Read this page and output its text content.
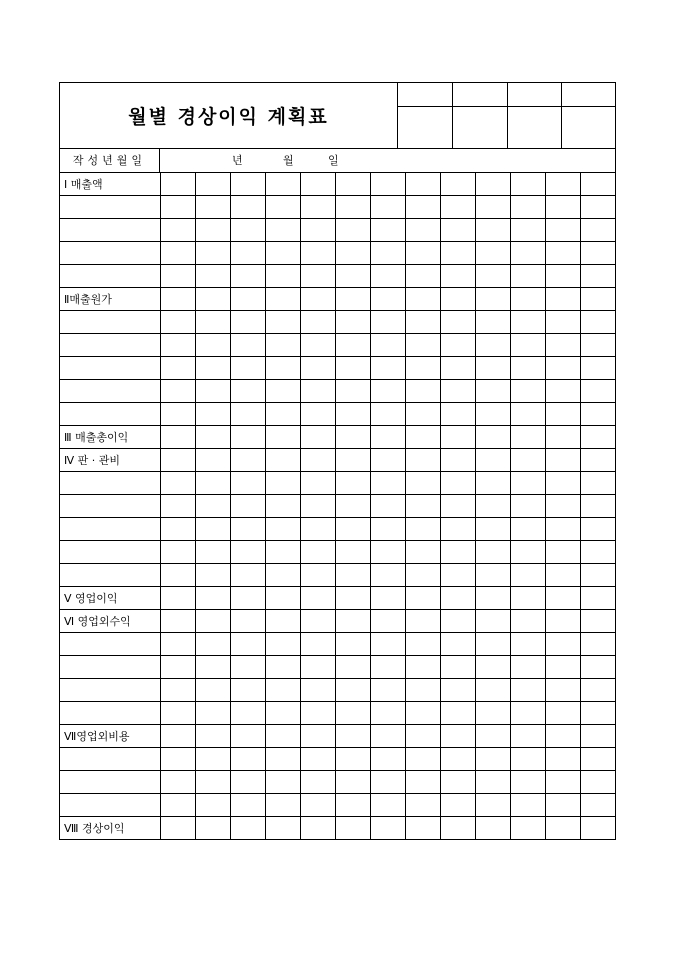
월별 경상이익 계획표
작성년월일	년	월	일
Ⅰ 매출액													

Ⅱ매출원가													

Ⅲ 매출총이익													
Ⅳ 판 · 관비													

Ⅴ 영업이익													
Ⅵ 영업외수익													

Ⅶ영업외비용													

Ⅷ 경상이익													
